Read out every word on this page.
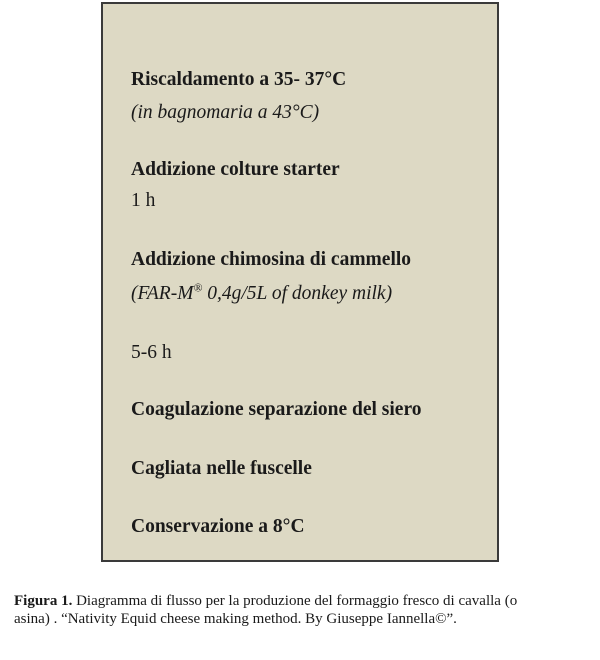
Riscaldamento a 35- 37°C

(in bagnomaria a 43°C)

Addizione colture starter

1 h

Addizione chimosina di cammello

(FAR-M® 0,4g/5L of donkey milk)

5-6 h

Coagulazione separazione del siero

Cagliata nelle fuscelle

Conservazione a 8°C

Figura 1. Diagramma di flusso per la produzione del formaggio fresco di cavalla (o asina) . “Nativity Equid cheese making method. By Giuseppe Iannella©”.
